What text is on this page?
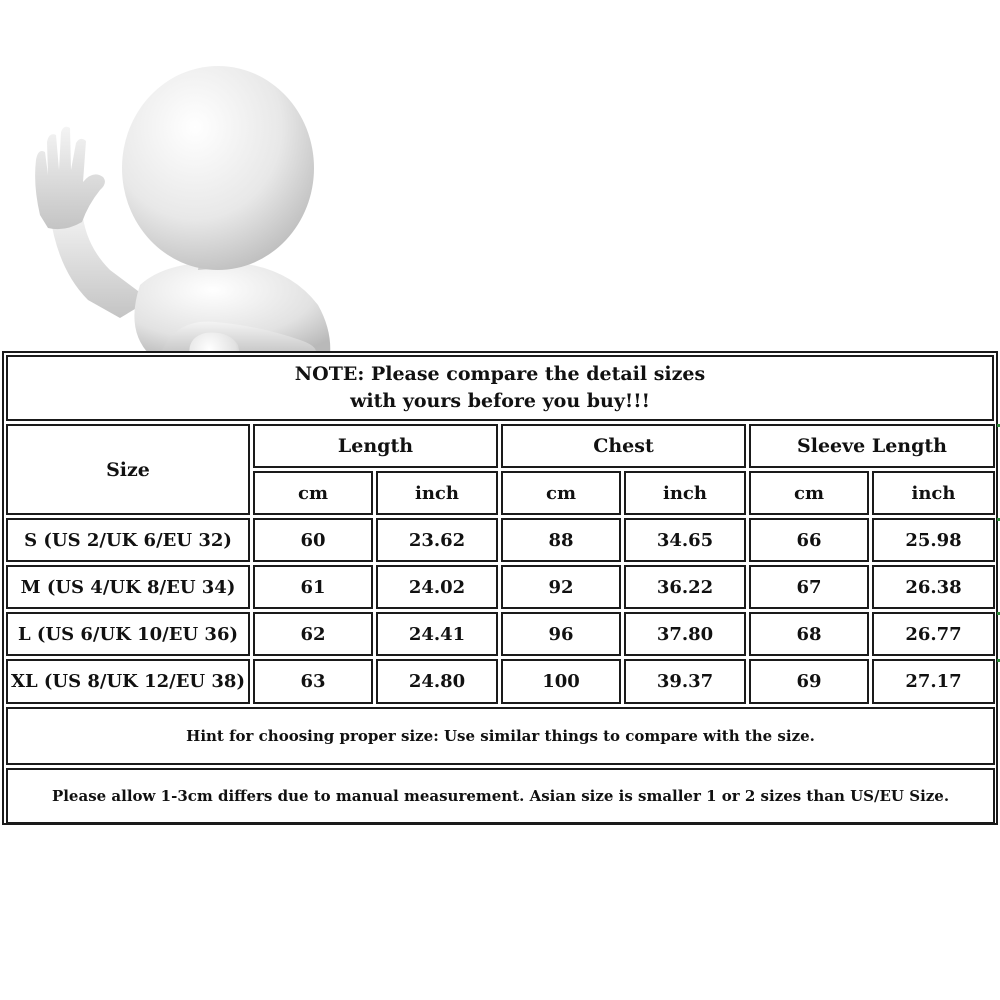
NOTE: Please compare the detail sizes
with yours before you buy!!!
Size
Length	Chest	Sleeve Length
cm	inch	cm	inch	cm	inch
S (US 2/UK 6/EU 32)	60	23.62	88	34.65	66	25.98
M (US 4/UK 8/EU 34)	61	24.02	92	36.22	67	26.38
L (US 6/UK 10/EU 36)	62	24.41	96	37.80	68	26.77
XL (US 8/UK 12/EU 38)	63	24.80	100	39.37	69	27.17
Hint for choosing proper size: Use similar things to compare with the size.
Please allow 1-3cm differs due to manual measurement. Asian size is smaller 1 or 2 sizes than US/EU Size.
